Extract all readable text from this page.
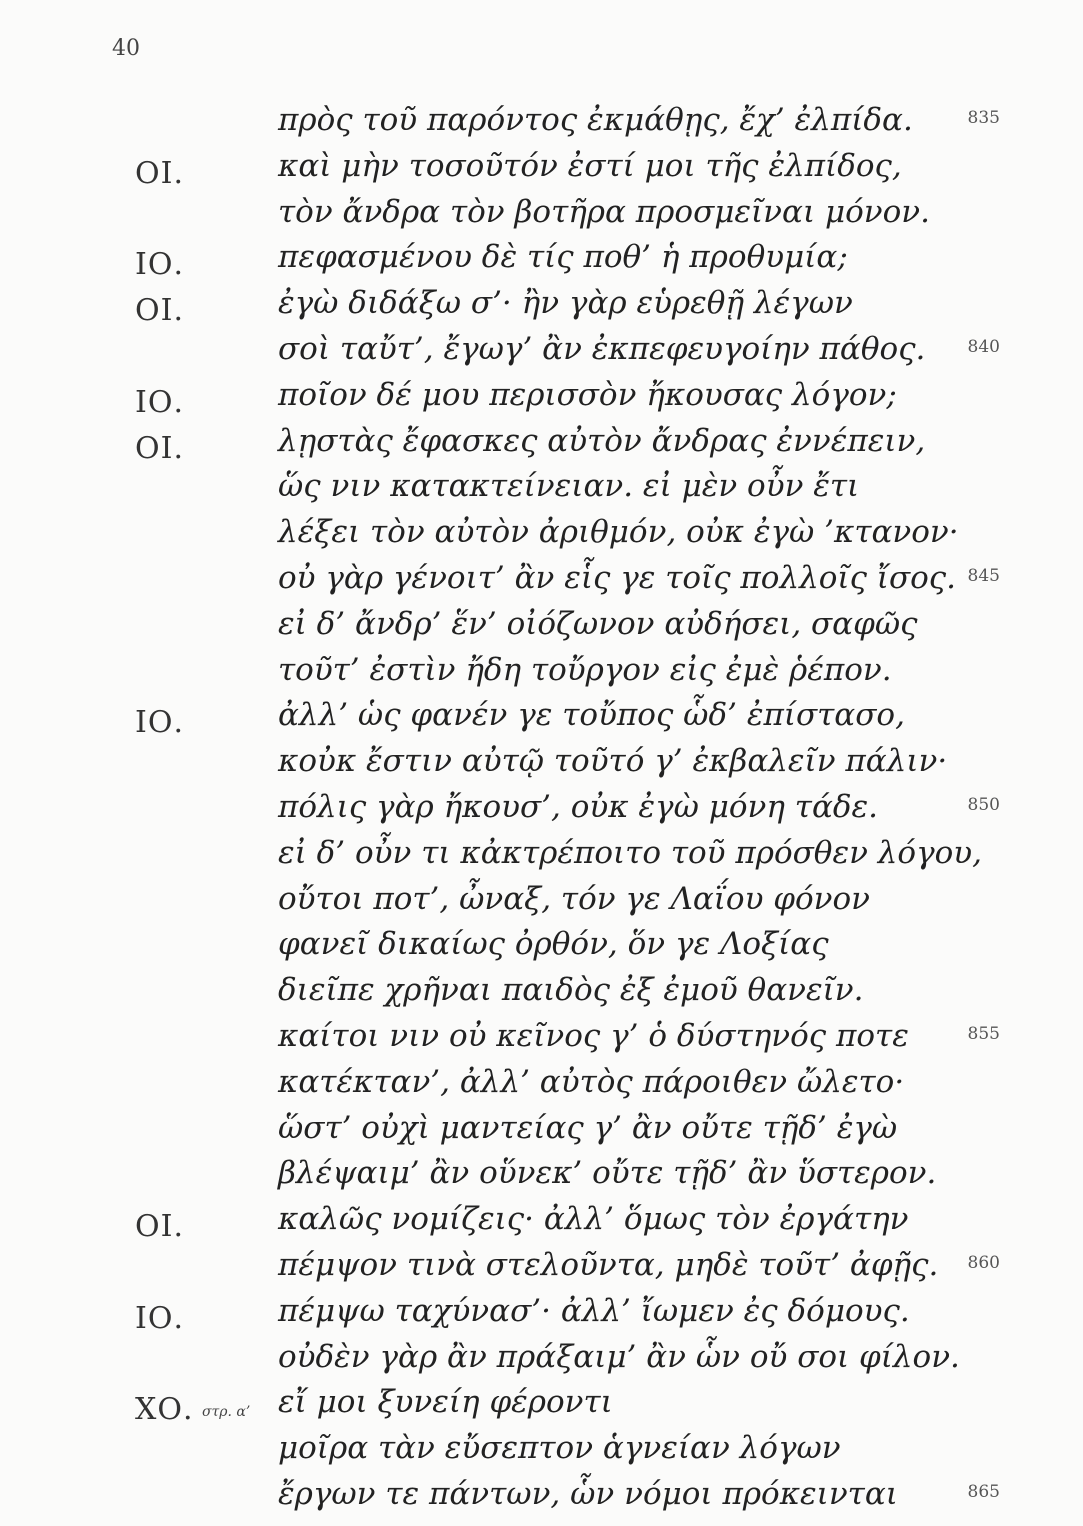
40
πρὸς τοῦ παρόντος ἐκμάθῃς, ἔχ’ ἐλπίδα.	835
ΟΙ.	καὶ μὴν τοσοῦτόν ἐστί μοι τῆς ἐλπίδος,
τὸν ἄνδρα τὸν βοτῆρα προσμεῖναι μόνον.
ΙΟ.	πεφασμένου δὲ τίς ποθ’ ἡ προθυμία;
ΟΙ.	ἐγὼ διδάξω σ’· ἢν γὰρ εὑρεθῇ λέγων
σοὶ ταὔτ’, ἔγωγ’ ἂν ἐκπεφευγοίην πάθος.	840
ΙΟ.	ποῖον δέ μου περισσὸν ἤκουσας λόγον;
ΟΙ.	λῃστὰς ἔφασκες αὐτὸν ἄνδρας ἐννέπειν,
ὥς νιν κατακτείνειαν. εἰ μὲν οὖν ἔτι
λέξει τὸν αὐτὸν ἀριθμόν, οὐκ ἐγὼ ’κτανον·
οὐ γὰρ γένοιτ’ ἂν εἷς γε τοῖς πολλοῖς ἴσος. 845
εἰ δ’ ἄνδρ’ ἕν’ οἰόζωνον αὐδήσει, σαφῶς
τοῦτ’ ἐστὶν ἤδη τοὔργον εἰς ἐμὲ ῥέπον.
ΙΟ.	ἀλλ’ ὡς φανέν γε τοὔπος ὧδ’ ἐπίστασο,
κοὐκ ἔστιν αὐτῷ τοῦτό γ’ ἐκβαλεῖν πάλιν·
πόλις γὰρ ἤκουσ’, οὐκ ἐγὼ μόνη τάδε.	850
εἰ δ’ οὖν τι κἀκτρέποιτο τοῦ πρόσθεν λόγου,
οὔτοι ποτ’, ὦναξ, τόν γε Λαΐου φόνον
φανεῖ δικαίως ὀρθόν, ὅν γε Λοξίας
διεῖπε χρῆναι παιδὸς ἐξ ἐμοῦ θανεῖν.
καίτοι νιν οὐ κεῖνος γ’ ὁ δύστηνός ποτε	855
κατέκταν’, ἀλλ’ αὐτὸς πάροιθεν ὤλετο·
ὥστ’ οὐχὶ μαντείας γ’ ἂν οὔτε τῇδ’ ἐγὼ
βλέψαιμ’ ἂν οὕνεκ’ οὔτε τῇδ’ ἂν ὕστερον.
ΟΙ.	καλῶς νομίζεις· ἀλλ’ ὅμως τὸν ἐργάτην
πέμψον τινὰ στελοῦντα, μηδὲ τοῦτ’ ἀφῇς.	860
ΙΟ.	πέμψω ταχύνασ’· ἀλλ’ ἴωμεν ἐς δόμους.
οὐδὲν γὰρ ἂν πράξαιμ’ ἂν ὧν οὔ σοι φίλον.
ΧΟ. στρ. α’ εἴ μοι ξυνείη φέροντι
μοῖρα τὰν εὔσεπτον ἁγνείαν λόγων
ἔργων τε πάντων, ὧν νόμοι πρόκεινται	865
